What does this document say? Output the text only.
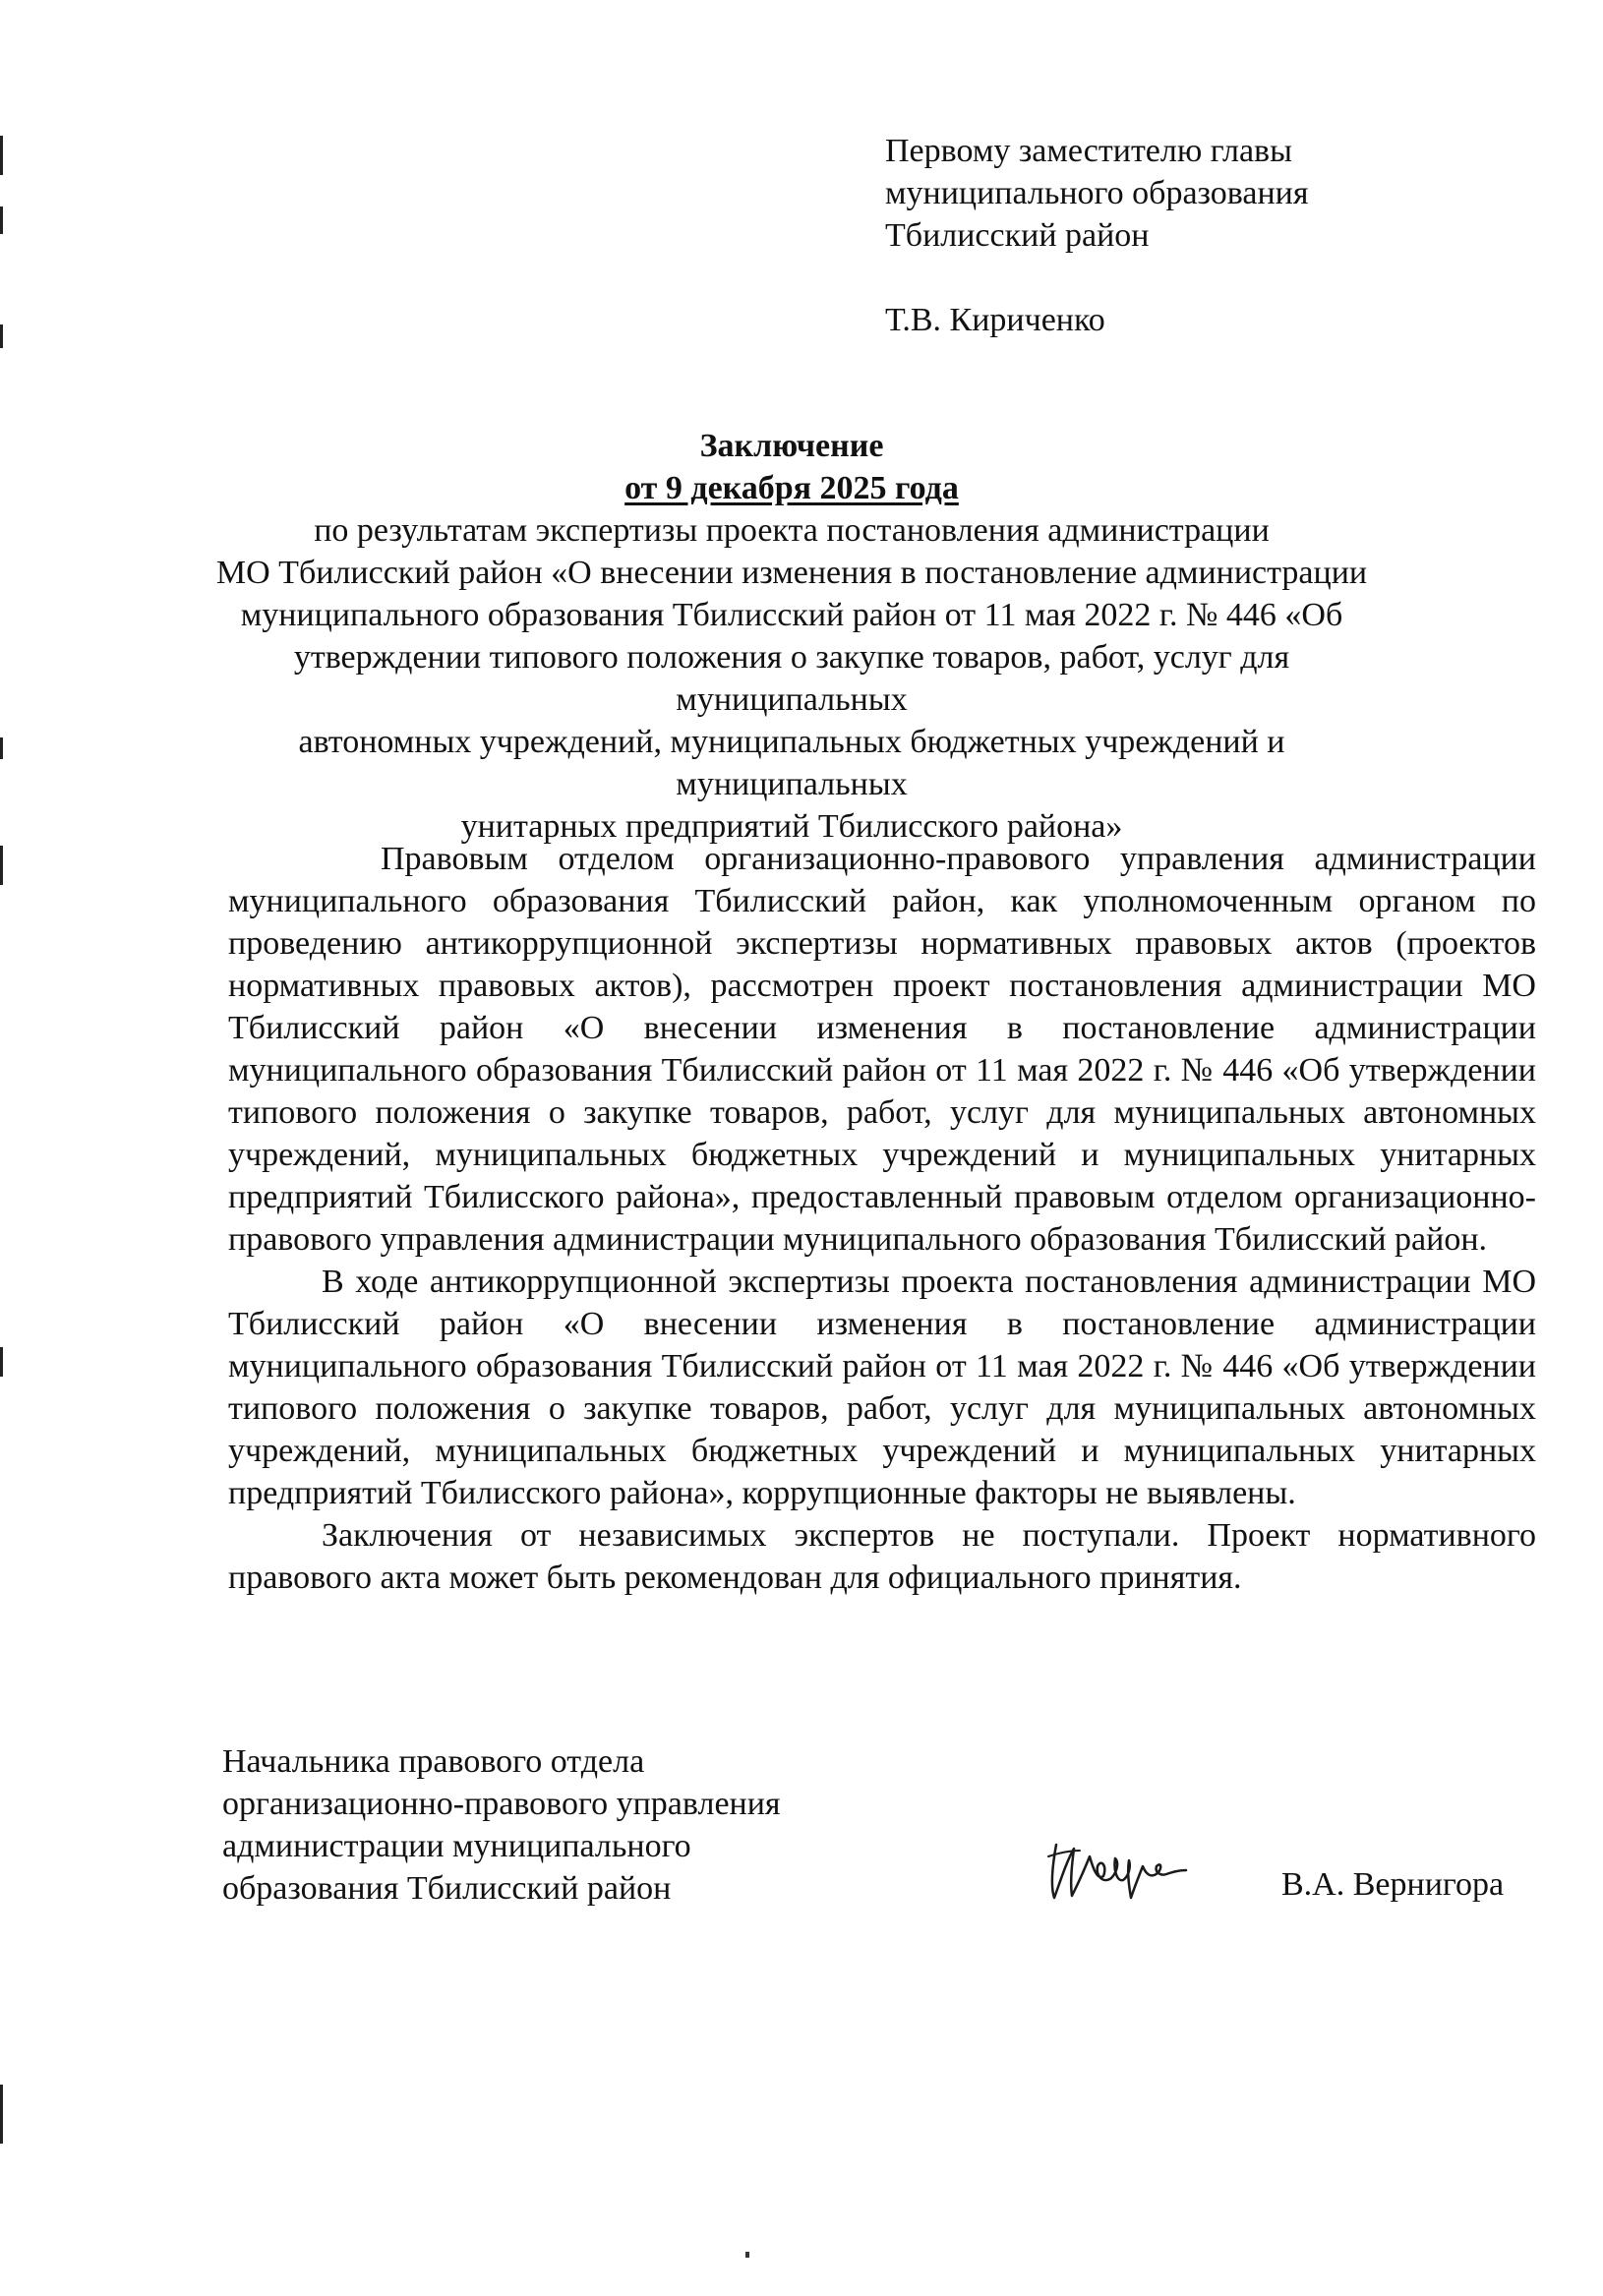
Первому заместителю главы
муниципального образования
Тбилисский район
Т.В. Кириченко
Заключение
от 9 декабря 2025 года
по результатам экспертизы проекта постановления администрации
МО Тбилисский район «О внесении изменения в постановление администрации
муниципального образования Тбилисский район от 11 мая 2022 г. № 446 «Об
утверждении типового положения о закупке товаров, работ, услуг для муниципальных
автономных учреждений, муниципальных бюджетных учреждений и муниципальных
унитарных предприятий Тбилисского района»

Правовым отделом организационно-правового управления администрации муниципального образования Тбилисский район, как уполномоченным органом по проведению антикоррупционной экспертизы нормативных правовых актов (проектов нормативных правовых актов), рассмотрен проект постановления администрации МО Тбилисский район «О внесении изменения в постановление администрации муниципального образования Тбилисский район от 11 мая 2022 г. № 446 «Об утверждении типового положения о закупке товаров, работ, услуг для муниципальных автономных учреждений, муниципальных бюджетных учреждений и муниципальных унитарных предприятий Тбилисского района», предоставленный правовым отделом организационно-правового управления администрации муниципального образования Тбилисский район.

В ходе антикоррупционной экспертизы проекта постановления администрации МО Тбилисский район «О внесении изменения в постановление администрации муниципального образования Тбилисский район от 11 мая 2022 г. № 446 «Об утверждении типового положения о закупке товаров, работ, услуг для муниципальных автономных учреждений, муниципальных бюджетных учреждений и муниципальных унитарных предприятий Тбилисского района», коррупционные факторы не выявлены.

Заключения от независимых экспертов не поступали. Проект нормативного правового акта может быть рекомендован для официального принятия.

Начальника правового отдела
организационно-правового управления
администрации муниципального
образования Тбилисский район	В.А. Вернигора
